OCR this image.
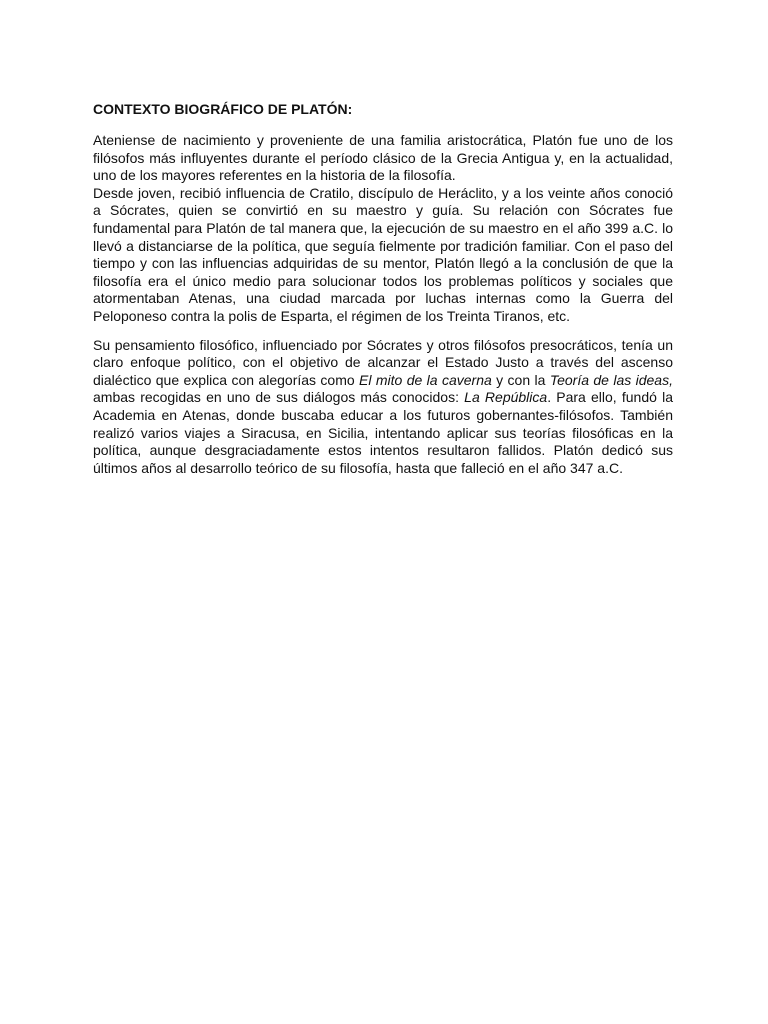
CONTEXTO BIOGRÁFICO DE PLATÓN:

Ateniense de nacimiento y proveniente de una familia aristocrática, Platón fue uno de los filósofos más influyentes durante el período clásico de la Grecia Antigua y, en la actualidad, uno de los mayores referentes en la historia de la filosofía.

Desde joven, recibió influencia de Cratilo, discípulo de Heráclito, y a los veinte años conoció a Sócrates, quien se convirtió en su maestro y guía. Su relación con Sócrates fue fundamental para Platón de tal manera que, la ejecución de su maestro en el año 399 a.C. lo llevó a distanciarse de la política, que seguía fielmente por tradición familiar. Con el paso del tiempo y con las influencias adquiridas de su mentor, Platón llegó a la conclusión de que la filosofía era el único medio para solucionar todos los problemas políticos y sociales que atormentaban Atenas, una ciudad marcada por luchas internas como la Guerra del Peloponeso contra la polis de Esparta, el régimen de los Treinta Tiranos, etc.

Su pensamiento filosófico, influenciado por Sócrates y otros filósofos presocráticos, tenía un claro enfoque político, con el objetivo de alcanzar el Estado Justo a través del ascenso dialéctico que explica con alegorías como El mito de la caverna y con la Teoría de las ideas, ambas recogidas en uno de sus diálogos más conocidos: La República. Para ello, fundó la Academia en Atenas, donde buscaba educar a los futuros gobernantes-filósofos. También realizó varios viajes a Siracusa, en Sicilia, intentando aplicar sus teorías filosóficas en la política, aunque desgraciadamente estos intentos resultaron fallidos. Platón dedicó sus últimos años al desarrollo teórico de su filosofía, hasta que falleció en el año 347 a.C.
